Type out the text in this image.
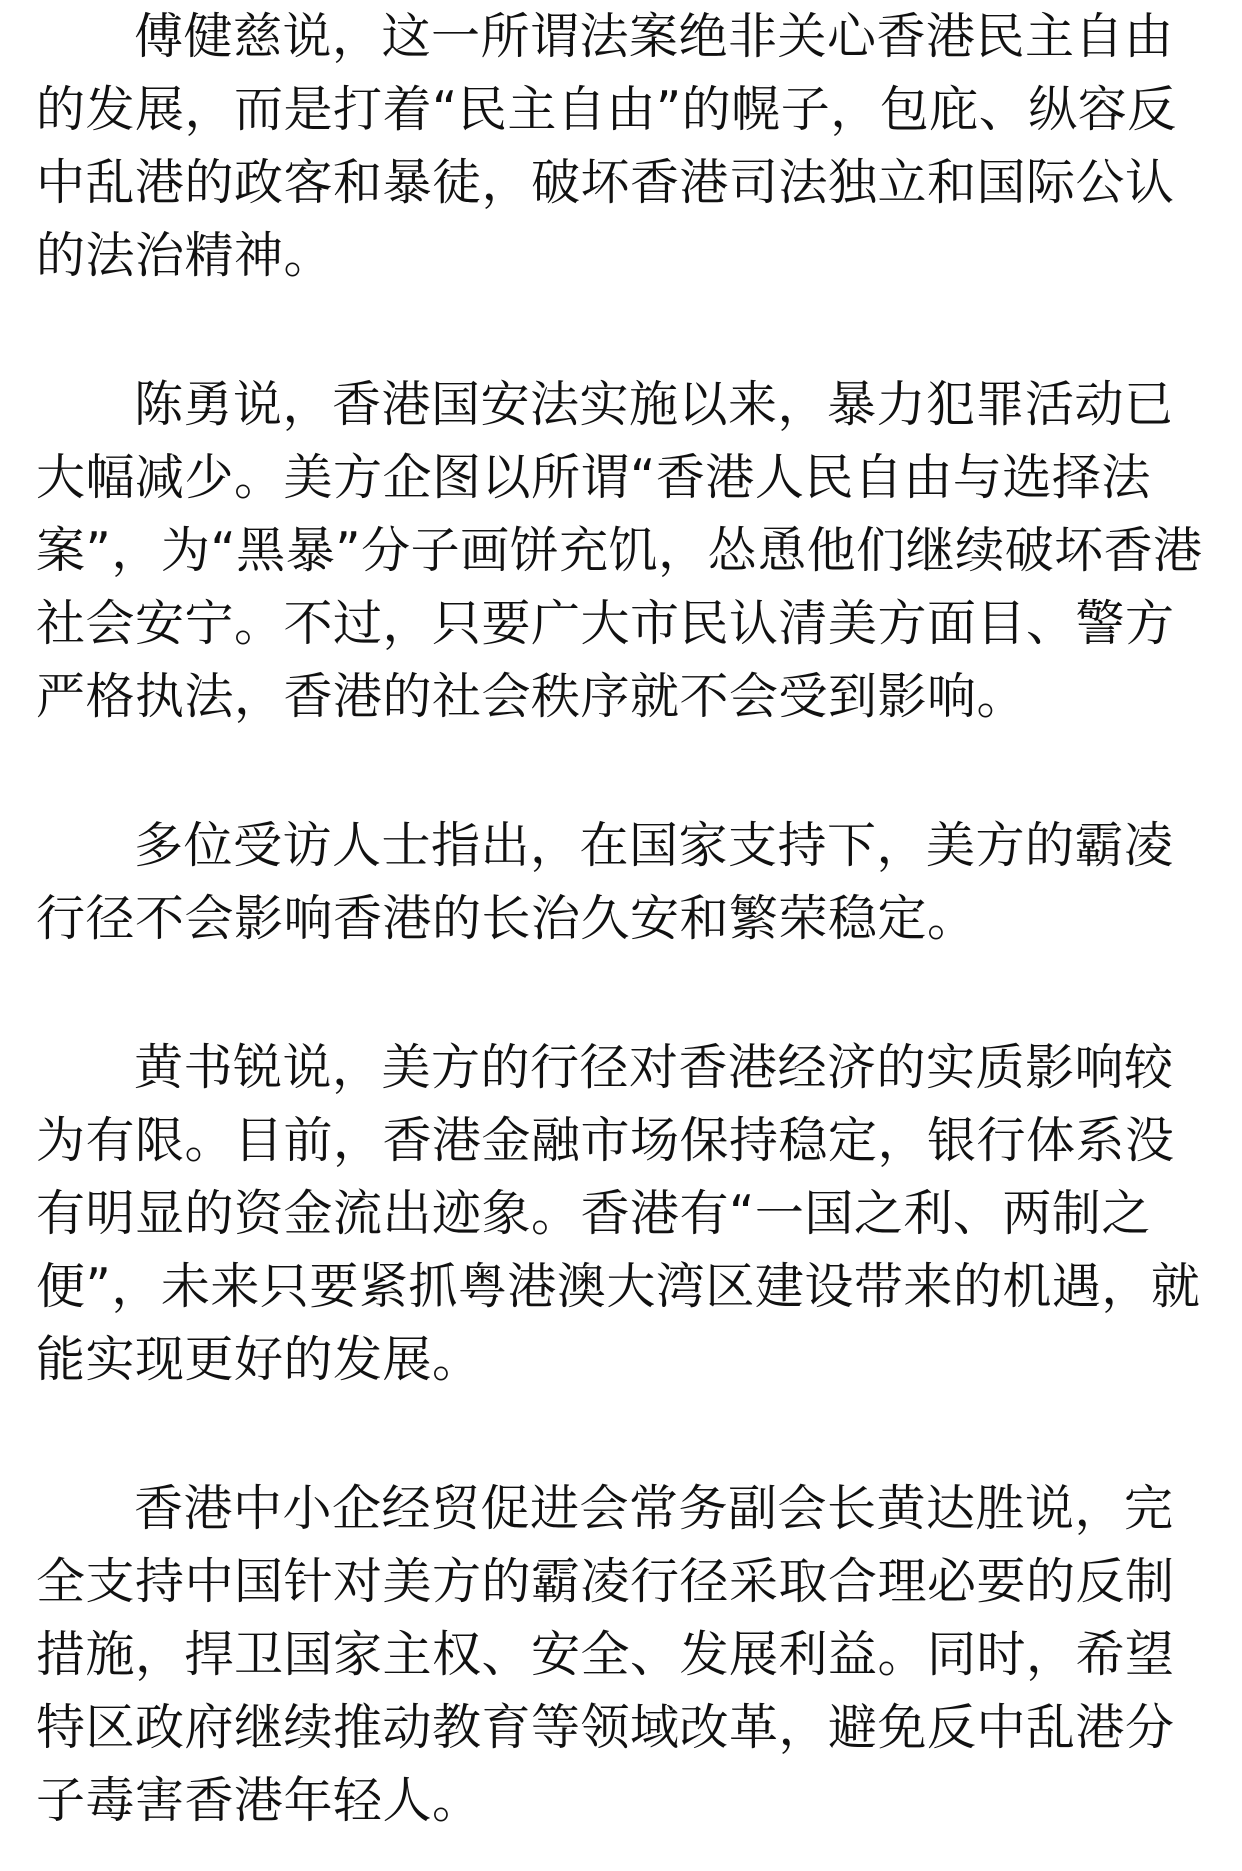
傅健慈说，这一所谓法案绝非关心香港民主自由的发展，而是打着“民主自由”的幌子，包庇、纵容反中乱港的政客和暴徒，破坏香港司法独立和国际公认的法治精神。

陈勇说，香港国安法实施以来，暴力犯罪活动已大幅减少。美方企图以所谓“香港人民自由与选择法案”，为“黑暴”分子画饼充饥，怂恿他们继续破坏香港社会安宁。不过，只要广大市民认清美方面目、警方严格执法，香港的社会秩序就不会受到影响。

多位受访人士指出，在国家支持下，美方的霸凌行径不会影响香港的长治久安和繁荣稳定。

黄书锐说，美方的行径对香港经济的实质影响较为有限。目前，香港金融市场保持稳定，银行体系没有明显的资金流出迹象。香港有“一国之利、两制之便”，未来只要紧抓粤港澳大湾区建设带来的机遇，就能实现更好的发展。

香港中小企经贸促进会常务副会长黄达胜说，完全支持中国针对美方的霸凌行径采取合理必要的反制措施，捍卫国家主权、安全、发展利益。同时，希望特区政府继续推动教育等领域改革，避免反中乱港分子毒害香港年轻人。
